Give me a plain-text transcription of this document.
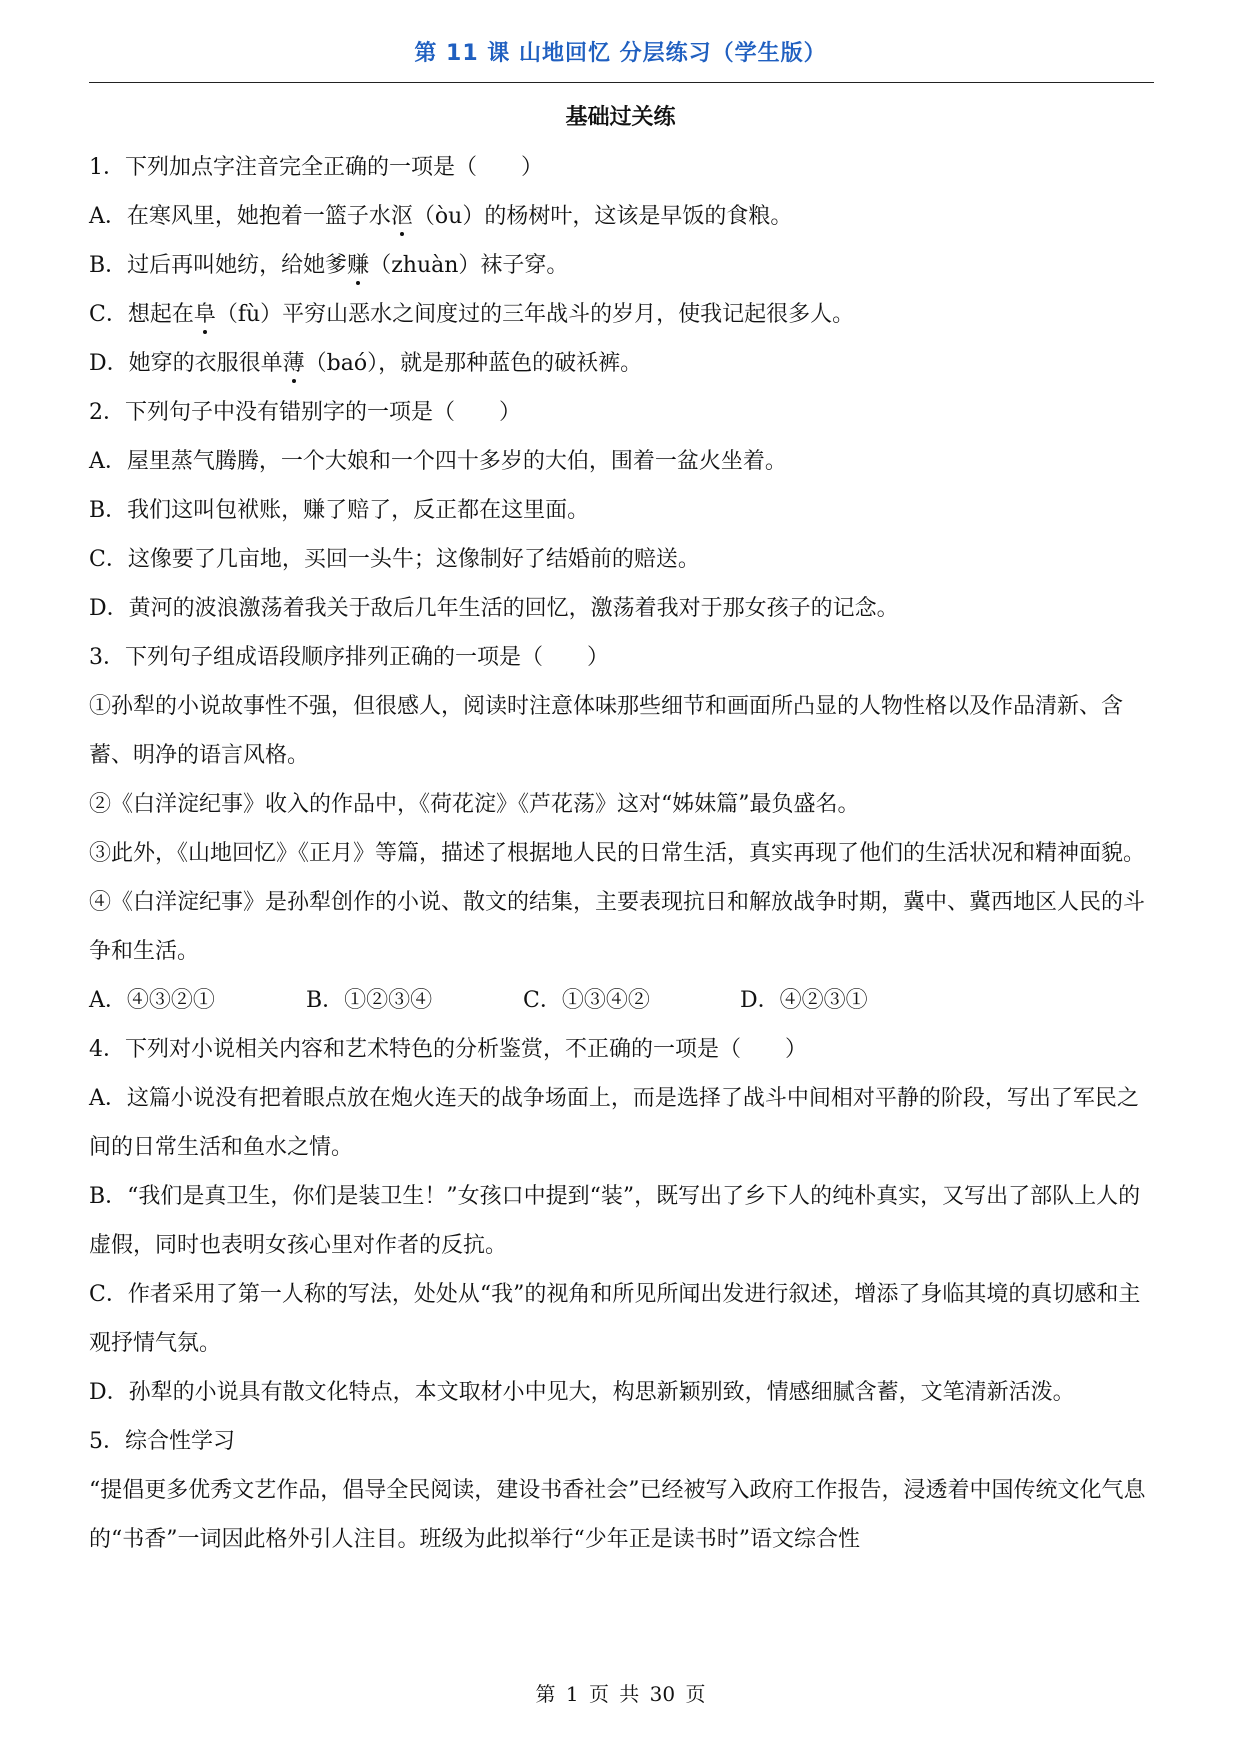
第 11 课 山地回忆 分层练习（学生版）
基础过关练

1．下列加点字注音完全正确的一项是（　　）

A．在寒风里，她抱着一篮子水沤（òu）的杨树叶，这该是早饭的食粮。

B．过后再叫她纺，给她爹赚（zhuàn）袜子穿。

C．想起在阜（fù）平穷山恶水之间度过的三年战斗的岁月，使我记起很多人。

D．她穿的衣服很单薄（baó），就是那种蓝色的破袄裤。

2．下列句子中没有错别字的一项是（　　）

A．屋里蒸气腾腾，一个大娘和一个四十多岁的大伯，围着一盆火坐着。

B．我们这叫包袱账，赚了赔了，反正都在这里面。

C．这像要了几亩地，买回一头牛；这像制好了结婚前的赔送。

D．黄河的波浪激荡着我关于敌后几年生活的回忆，激荡着我对于那女孩子的记念。

3．下列句子组成语段顺序排列正确的一项是（　　）

①孙犁的小说故事性不强，但很感人，阅读时注意体味那些细节和画面所凸显的人物性格以及作品清新、含蓄、明净的语言风格。

②《白洋淀纪事》收入的作品中，《荷花淀》《芦花荡》这对“姊妹篇”最负盛名。

③此外，《山地回忆》《正月》等篇，描述了根据地人民的日常生活，真实再现了他们的生活状况和精神面貌。

④《白洋淀纪事》是孙犁创作的小说、散文的结集，主要表现抗日和解放战争时期，冀中、冀西地区人民的斗争和生活。

A．④③②①	B．①②③④	C．①③④②	D．④②③①

4．下列对小说相关内容和艺术特色的分析鉴赏，不正确的一项是（　　）

A．这篇小说没有把着眼点放在炮火连天的战争场面上，而是选择了战斗中间相对平静的阶段，写出了军民之间的日常生活和鱼水之情。

B．“我们是真卫生，你们是装卫生！”女孩口中提到“装”，既写出了乡下人的纯朴真实，又写出了部队上人的虚假，同时也表明女孩心里对作者的反抗。

C．作者采用了第一人称的写法，处处从“我”的视角和所见所闻出发进行叙述，增添了身临其境的真切感和主观抒情气氛。

D．孙犁的小说具有散文化特点，本文取材小中见大，构思新颖别致，情感细腻含蓄，文笔清新活泼。

5．综合性学习

“提倡更多优秀文艺作品，倡导全民阅读，建设书香社会”已经被写入政府工作报告，浸透着中国传统文化气息的“书香”一词因此格外引人注目。班级为此拟举行“少年正是读书时”语文综合性

第 1 页 共 30 页
